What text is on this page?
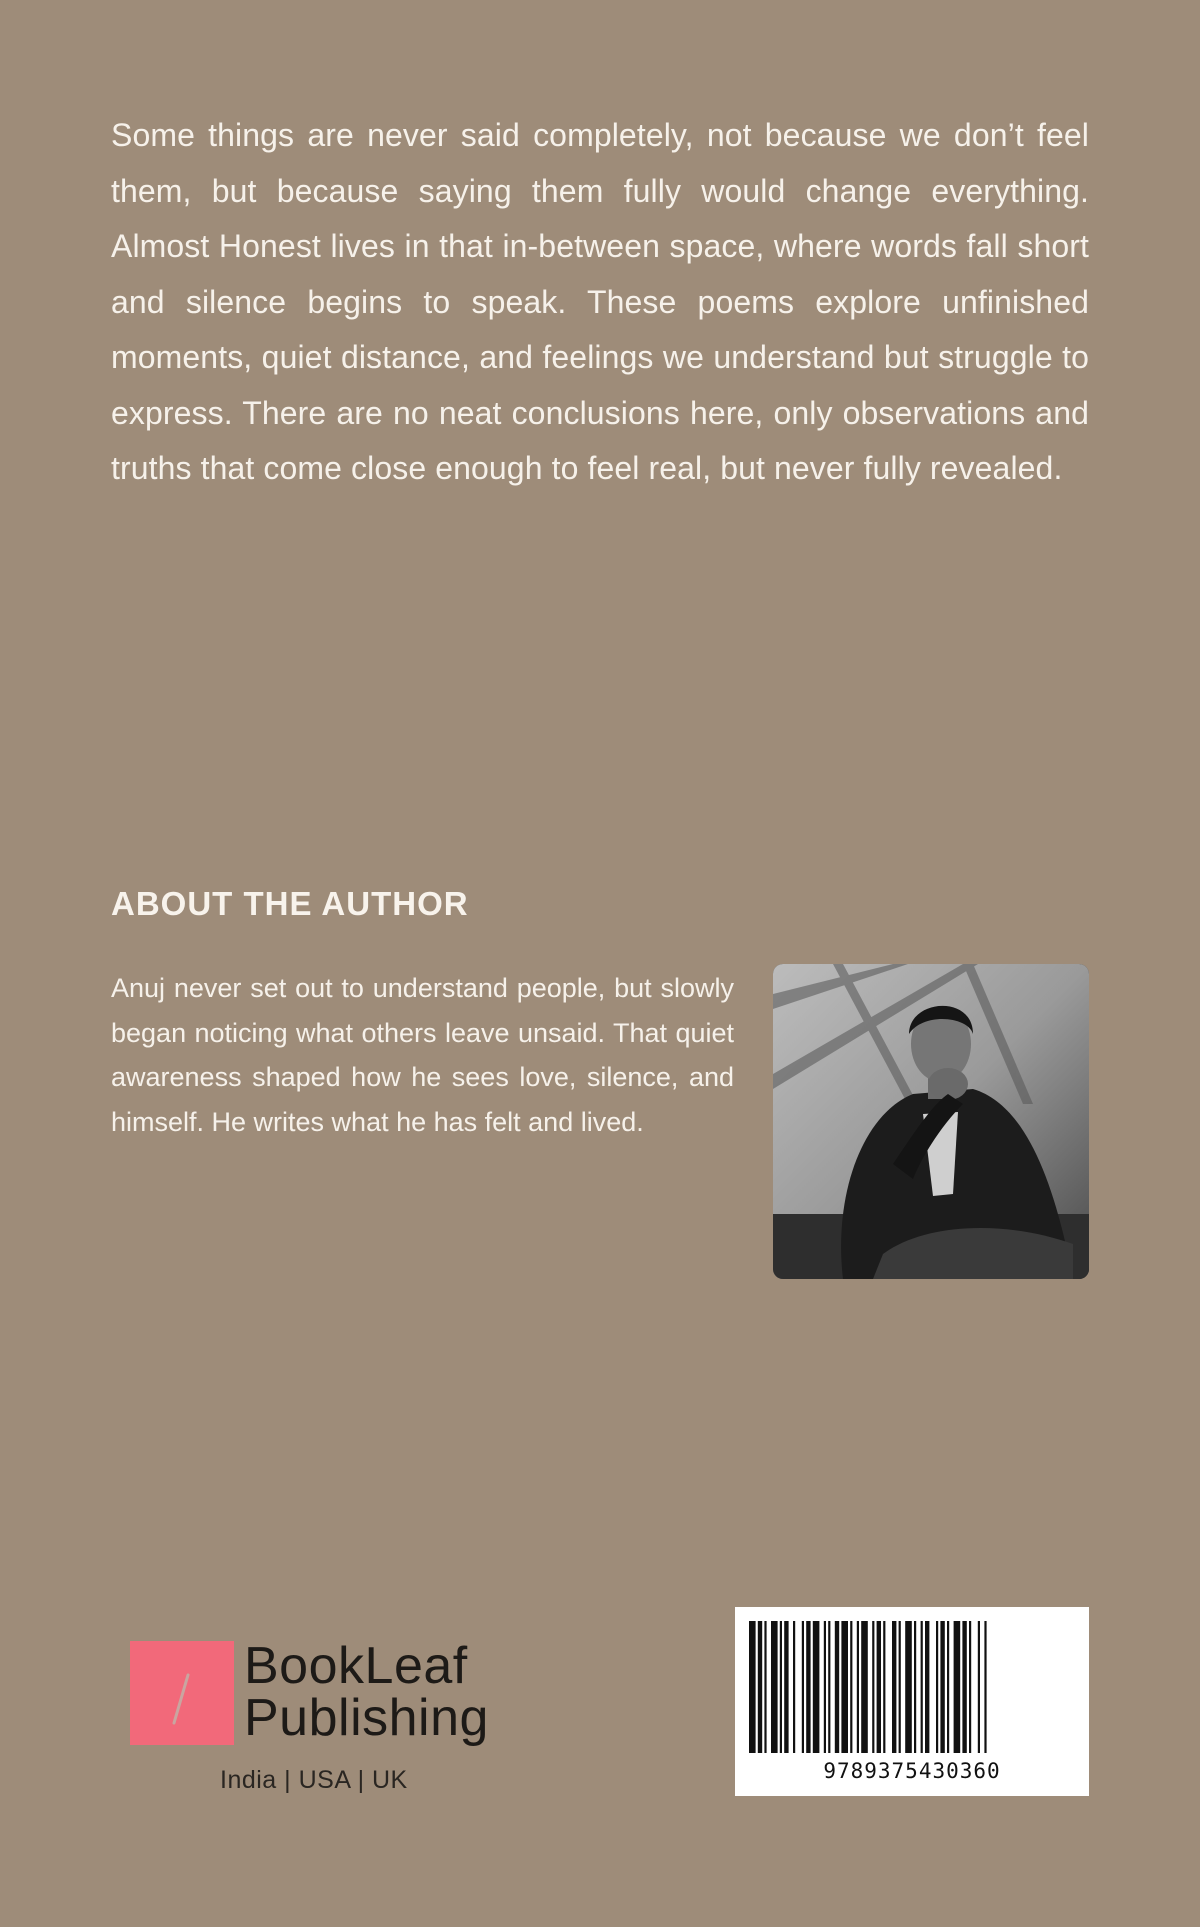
Some things are never said completely, not because we don’t feel them, but because saying them fully would change everything. Almost Honest lives in that in-between space, where words fall short and silence begins to speak. These poems explore unfinished moments, quiet distance, and feelings we understand but struggle to express. There are no neat conclusions here, only observations and truths that come close enough to feel real, but never fully revealed.

ABOUT THE AUTHOR

Anuj never set out to understand people, but slowly began noticing what others leave unsaid. That quiet awareness shaped how he sees love, silence, and himself. He writes what he has felt and lived.

BookLeaf
Publishing
India | USA | UK	9789375430360
